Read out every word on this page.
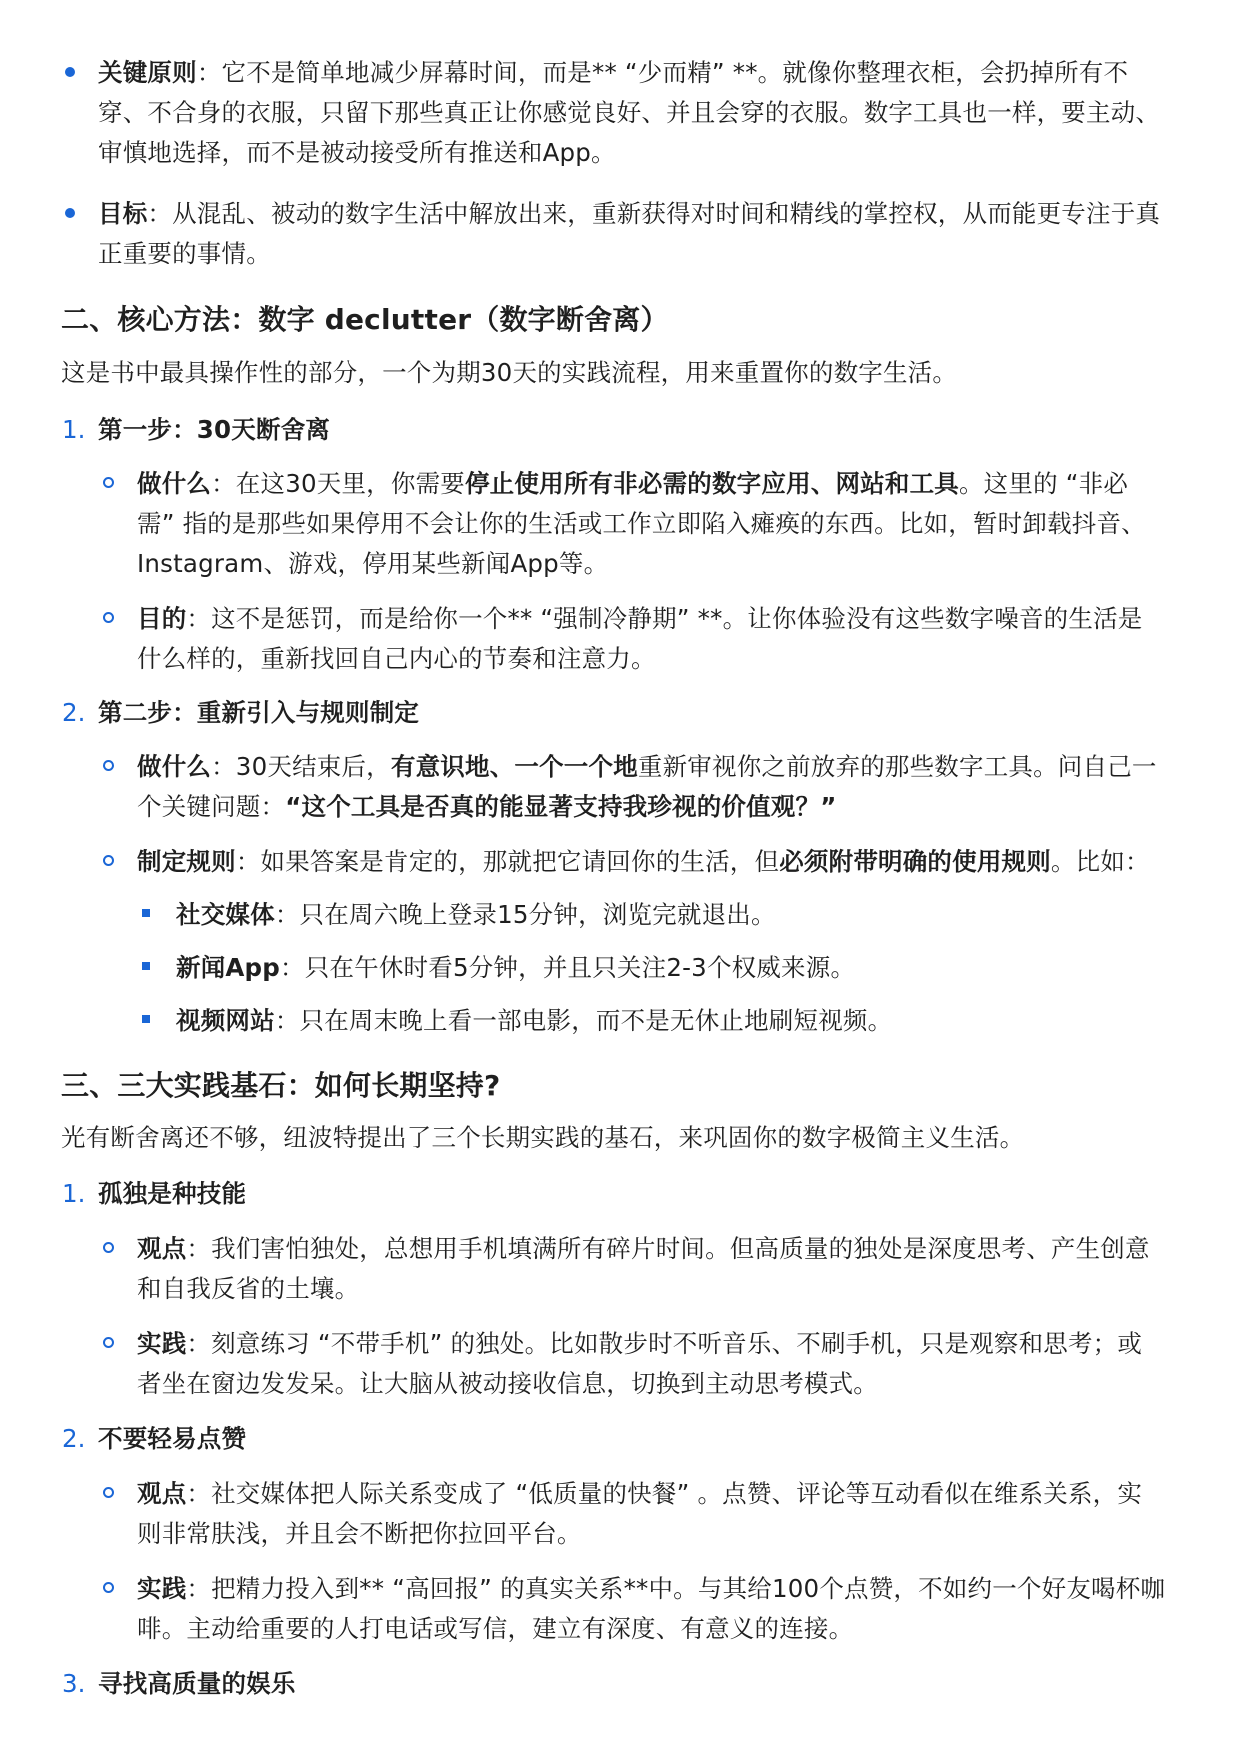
关键原则：它不是简单地减少屏幕时间，而是** “少而精” **。就像你整理衣柜，会扔掉所有不
穿、不合身的衣服，只留下那些真正让你感觉良好、并且会穿的衣服。数字工具也一样，要主动、
审慎地选择，而不是被动接受所有推送和App。
目标：从混乱、被动的数字生活中解放出来，重新获得对时间和精线的掌控权，从而能更专注于真
正重要的事情。
二、核心方法：数字 declutter（数字断舍离）
这是书中最具操作性的部分，一个为期30天的实践流程，用来重置你的数字生活。
1. 第一步：30天断舍离
做什么：在这30天里，你需要停止使用所有非必需的数字应用、网站和工具。这里的 “非必
需” 指的是那些如果停用不会让你的生活或工作立即陷入瘫痪的东西。比如，暂时卸载抖音、
Instagram、游戏，停用某些新闻App等。
目的：这不是惩罚，而是给你一个** “强制冷静期” **。让你体验没有这些数字噪音的生活是
什么样的，重新找回自己内心的节奏和注意力。
2. 第二步：重新引入与规则制定
做什么：30天结束后，有意识地、一个一个地重新审视你之前放弃的那些数字工具。问自己一
个关键问题：“这个工具是否真的能显著支持我珍视的价值观？”
制定规则：如果答案是肯定的，那就把它请回你的生活，但必须附带明确的使用规则。比如：
社交媒体：只在周六晚上登录15分钟，浏览完就退出。
新闻App：只在午休时看5分钟，并且只关注2-3个权威来源。
视频网站：只在周末晚上看一部电影，而不是无休止地刷短视频。
三、三大实践基石：如何长期坚持?
光有断舍离还不够，纽波特提出了三个长期实践的基石，来巩固你的数字极简主义生活。
1. 孤独是种技能
观点：我们害怕独处，总想用手机填满所有碎片时间。但高质量的独处是深度思考、产生创意
和自我反省的土壤。
实践：刻意练习 “不带手机” 的独处。比如散步时不听音乐、不刷手机，只是观察和思考；或
者坐在窗边发发呆。让大脑从被动接收信息，切换到主动思考模式。
2. 不要轻易点赞
观点：社交媒体把人际关系变成了 “低质量的快餐” 。点赞、评论等互动看似在维系关系，实
则非常肤浅，并且会不断把你拉回平台。
实践：把精力投入到** “高回报” 的真实关系**中。与其给100个点赞，不如约一个好友喝杯咖
啡。主动给重要的人打电话或写信，建立有深度、有意义的连接。
3. 寻找高质量的娱乐
